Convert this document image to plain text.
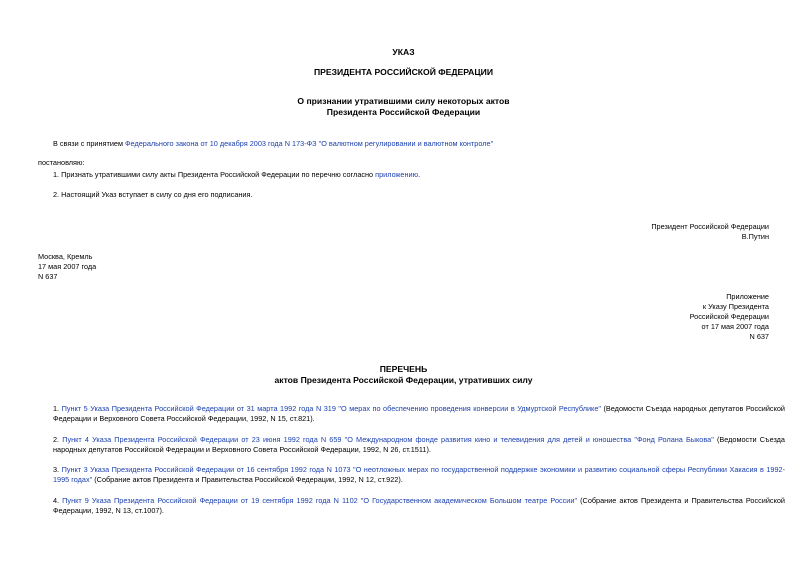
УКАЗ
ПРЕЗИДЕНТА РОССИЙСКОЙ ФЕДЕРАЦИИ
О признании утратившими силу некоторых актов
Президента Российской Федерации
В связи с принятием Федерального закона от 10 декабря 2003 года N 173-ФЗ "О валютном регулировании и валютном контроле"
постановляю:
1. Признать утратившими силу акты Президента Российской Федерации по перечню согласно приложению.
2. Настоящий Указ вступает в силу со дня его подписания.
Президент Российской Федерации
В.Путин
Москва, Кремль
17 мая 2007 года
N 637
Приложение
к Указу Президента
Российской Федерации
от 17 мая 2007 года
N 637
ПЕРЕЧЕНЬ
актов Президента Российской Федерации, утративших силу
1. Пункт 5 Указа Президента Российской Федерации от 31 марта 1992 года N 319 "О мерах по обеспечению проведения конверсии в Удмуртской Республике" (Ведомости Съезда народных депутатов Российской Федерации и Верховного Совета Российской Федерации, 1992, N 15, ст.821).
2. Пункт 4 Указа Президента Российской Федерации от 23 июня 1992 года N 659 "О Международном фонде развития кино и телевидения для детей и юношества "Фонд Ролана Быкова" (Ведомости Съезда народных депутатов Российской Федерации и Верховного Совета Российской Федерации, 1992, N 26, ст.1511).
3. Пункт 3 Указа Президента Российской Федерации от 16 сентября 1992 года N 1073 "О неотложных мерах по государственной поддержке экономики и развитию социальной сферы Республики Хакасия в 1992-1995 годах" (Собрание актов Президента и Правительства Российской Федерации, 1992, N 12, ст.922).
4. Пункт 9 Указа Президента Российской Федерации от 19 сентября 1992 года N 1102 "О Государственном академическом Большом театре России" (Собрание актов Президента и Правительства Российской Федерации, 1992, N 13, ст.1007).
